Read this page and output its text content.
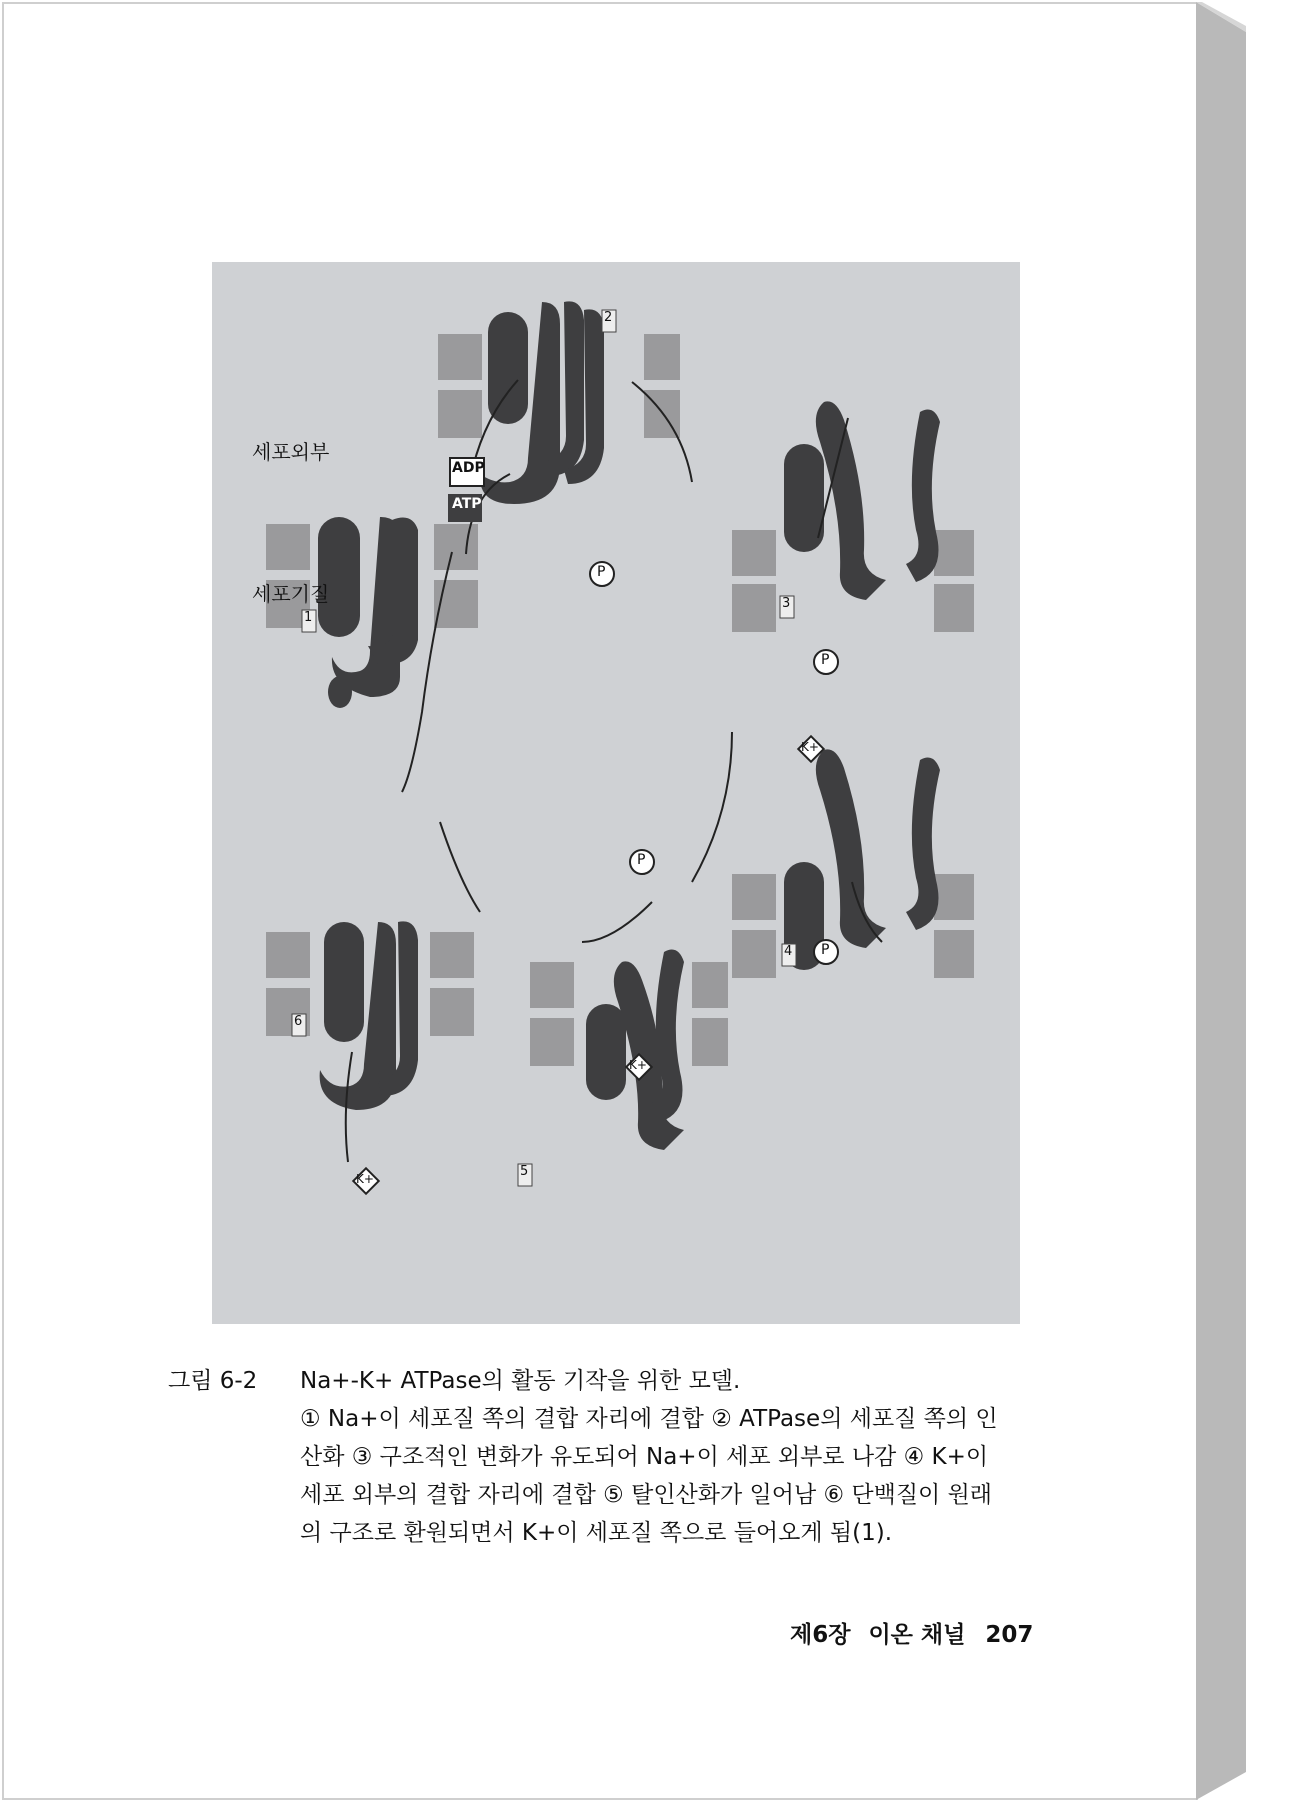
세포외부
세포기질
ADP
ATP
P
P
P
P
K+
K+
K+
1
2
3
4
5
6
그림 6-2 Na+-K+ ATPase의 활동 기작을 위한 모델.
① Na+이 세포질 쪽의 결합 자리에 결합 ② ATPase의 세포질 쪽의 인
산화 ③ 구조적인 변화가 유도되어 Na+이 세포 외부로 나감 ④ K+이
세포 외부의 결합 자리에 결합 ⑤ 탈인산화가 일어남 ⑥ 단백질이 원래
의 구조로 환원되면서 K+이 세포질 쪽으로 들어오게 됨(1).
제6장 이온 채널 207
